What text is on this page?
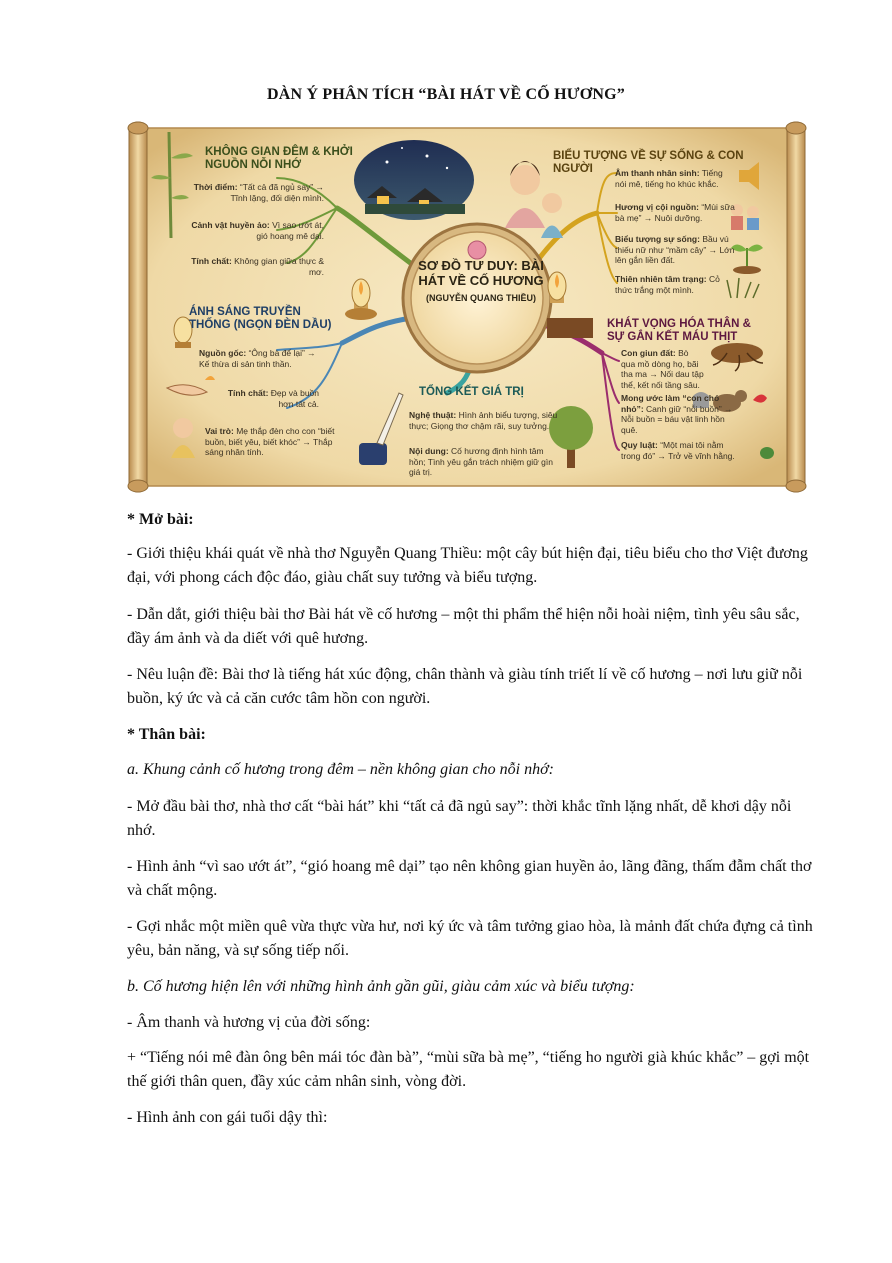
DÀN Ý PHÂN TÍCH “BÀI HÁT VỀ CỐ HƯƠNG”
SƠ ĐỒ TƯ DUY: BÀI HÁT VỀ CỐ HƯƠNG
(NGUYỄN QUANG THIỀU)
KHÔNG GIAN ĐÊM & KHỞI NGUỒN NỖI NHỚ
Thời điểm: “Tất cả đã ngủ say” → Tĩnh lặng, đối diện mình.
Cảnh vật huyền ảo: Vì sao ướt át, gió hoang mê dại.
Tính chất: Không gian giữa thực & mơ.
ÁNH SÁNG TRUYỀN THỐNG (NGỌN ĐÈN DẦU)
Nguồn gốc: “Ông bà để lại” → Kế thừa di sản tinh thần.
Tính chất: Đẹp và buồn hơn tất cả.
Vai trò: Mẹ thắp đèn cho con “biết buồn, biết yêu, biết khóc” → Thắp sáng nhân tính.
TỔNG KẾT GIÁ TRỊ
Nghệ thuật: Hình ảnh biểu tượng, siêu thực; Giọng thơ chậm rãi, suy tưởng.
Nội dung: Cố hương định hình tâm hồn; Tình yêu gắn trách nhiệm giữ gìn giá trị.
BIỂU TƯỢNG VỀ SỰ SỐNG & CON NGƯỜI	Âm thanh nhân sinh: Tiếng nói mê, tiếng ho khúc khắc.
Hương vị cội nguồn: “Mùi sữa bà mẹ” → Nuôi dưỡng.
Biểu tượng sự sống: Bầu vú thiếu nữ như “mầm cây” → Lớn lên gắn liền đất.
Thiên nhiên tâm trạng: Cỏ thức trắng một mình.
KHÁT VỌNG HÓA THÂN & SỰ GẮN KẾT MÁU THỊT
Con giun đất: Bò qua mồ dòng họ, bãi tha ma → Nối dau tập thể, kết nối tầng sâu.
Mong ước làm “con chó nhỏ”: Canh giữ “nỗi buồn” → Nỗi buồn = báu vật linh hồn quê.
Quy luật: “Một mai tôi nằm trong đó” → Trở về vĩnh hằng.
* Mở bài:
- Giới thiệu khái quát về nhà thơ Nguyễn Quang Thiều: một cây bút hiện đại, tiêu biểu cho thơ Việt đương đại, với phong cách độc đáo, giàu chất suy tưởng và biểu tượng.
- Dẫn dắt, giới thiệu bài thơ Bài hát về cố hương – một thi phẩm thể hiện nỗi hoài niệm, tình yêu sâu sắc, đầy ám ảnh và da diết với quê hương.
- Nêu luận đề: Bài thơ là tiếng hát xúc động, chân thành và giàu tính triết lí về cố hương – nơi lưu giữ nỗi buồn, ký ức và cả căn cước tâm hồn con người.
* Thân bài:
a. Khung cảnh cố hương trong đêm – nền không gian cho nỗi nhớ:
- Mở đầu bài thơ, nhà thơ cất “bài hát” khi “tất cả đã ngủ say”: thời khắc tĩnh lặng nhất, dễ khơi dậy nỗi nhớ.
- Hình ảnh “vì sao ướt át”, “gió hoang mê dại” tạo nên không gian huyền ảo, lãng đãng, thấm đẫm chất thơ và chất mộng.
- Gợi nhắc một miền quê vừa thực vừa hư, nơi ký ức và tâm tưởng giao hòa, là mảnh đất chứa đựng cả tình yêu, bản năng, và sự sống tiếp nối.
b. Cố hương hiện lên với những hình ảnh gần gũi, giàu cảm xúc và biểu tượng:
- Âm thanh và hương vị của đời sống:
+ “Tiếng nói mê đàn ông bên mái tóc đàn bà”, “mùi sữa bà mẹ”, “tiếng ho người già khúc khắc” – gợi một thế giới thân quen, đầy xúc cảm nhân sinh, vòng đời.
- Hình ảnh con gái tuổi dậy thì:
